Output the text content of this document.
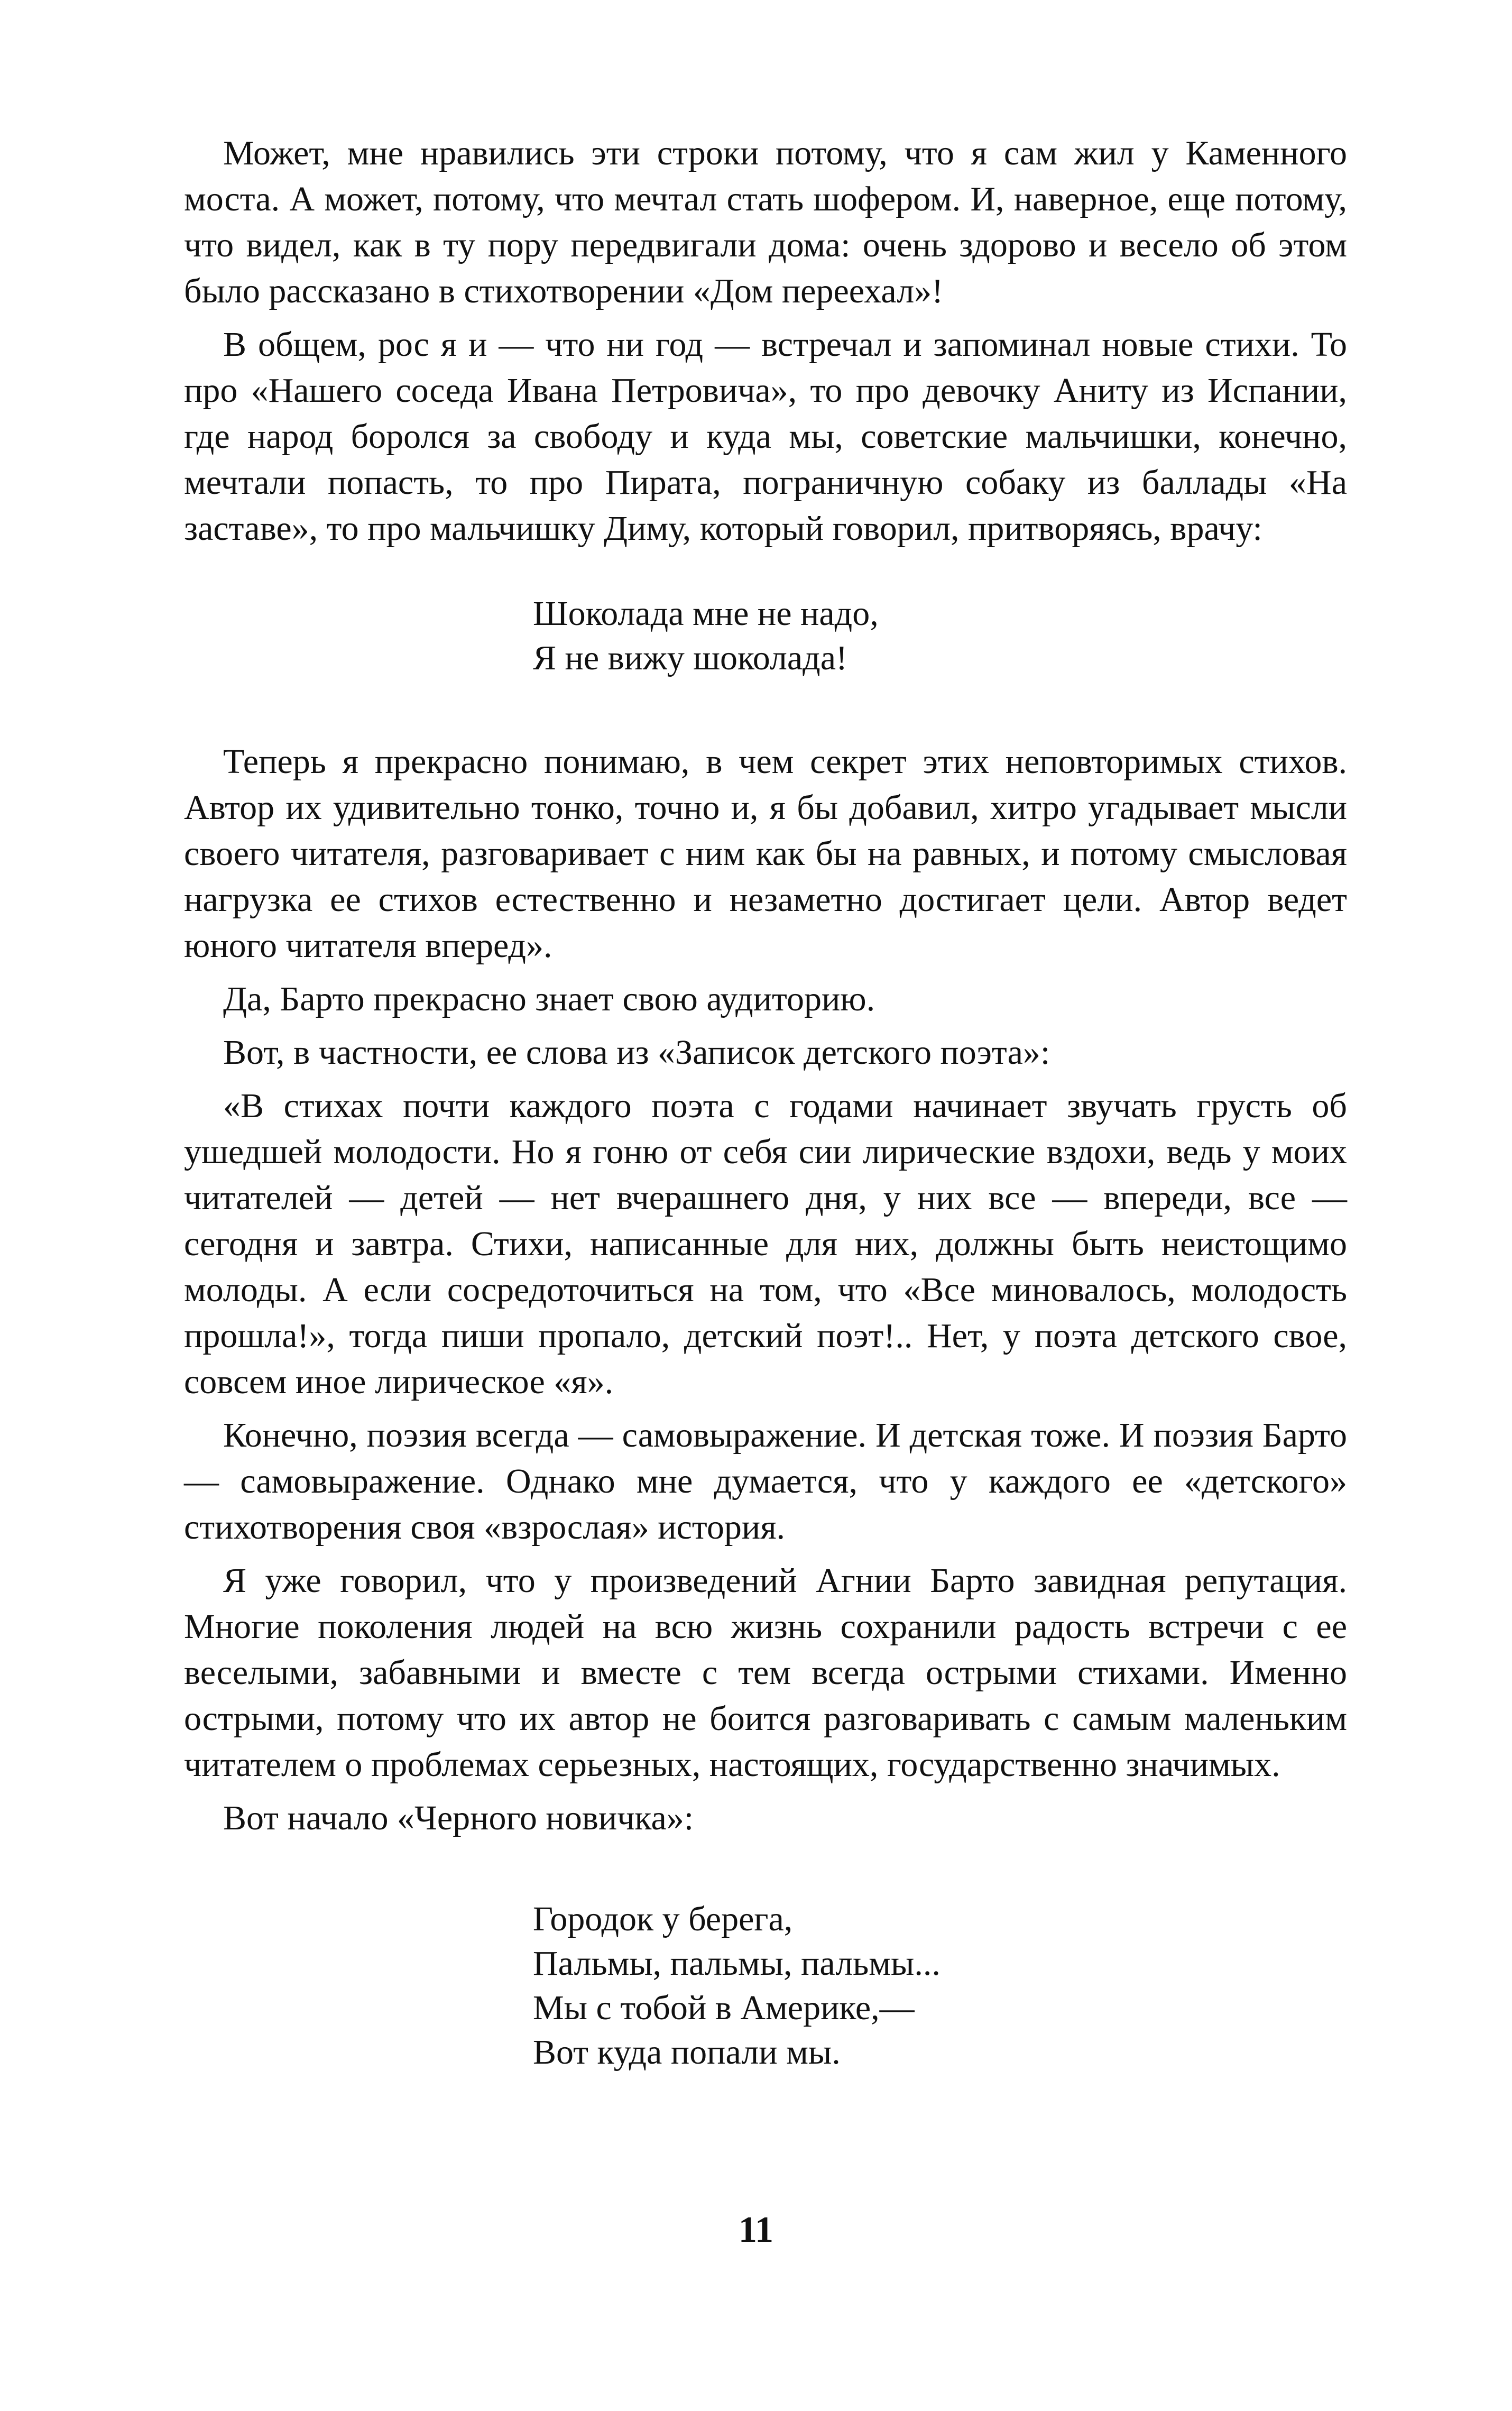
Может, мне нравились эти строки потому, что я сам жил у Каменного моста. А может, потому, что мечтал стать шофером. И, наверное, еще потому, что видел, как в ту пору передвигали дома: очень здорово и весело об этом было рассказано в стихотворении «Дом переехал»!

В общем, рос я и — что ни год — встречал и запоминал новые стихи. То про «Нашего соседа Ивана Петровича», то про девочку Аниту из Испании, где народ боролся за свободу и куда мы, советские мальчишки, конечно, мечтали попасть, то про Пирата, пограничную собаку из баллады «На заставе», то про мальчишку Диму, который говорил, притворяясь, врачу:

Шоколада мне не надо,
Я не вижу шоколада!

Теперь я прекрасно понимаю, в чем секрет этих неповторимых стихов. Автор их удивительно тонко, точно и, я бы добавил, хитро угадывает мысли своего читателя, разговаривает с ним как бы на равных, и потому смысловая нагрузка ее стихов естественно и незаметно достигает цели. Автор ведет юного читателя вперед».

Да, Барто прекрасно знает свою аудиторию.

Вот, в частности, ее слова из «Записок детского поэта»:

«В стихах почти каждого поэта с годами начинает звучать грусть об ушедшей молодости. Но я гоню от себя сии лирические вздохи, ведь у моих читателей — детей — нет вчерашнего дня, у них все — впереди, все — сегодня и завтра. Стихи, написанные для них, должны быть неистощимо молоды. А если сосредоточиться на том, что «Все миновалось, молодость прошла!», тогда пиши пропало, детский поэт!.. Нет, у поэта детского свое, совсем иное лирическое «я».

Конечно, поэзия всегда — самовыражение. И детская тоже. И поэзия Барто — самовыражение. Однако мне думается, что у каждого ее «детского» стихотворения своя «взрослая» история.

Я уже говорил, что у произведений Агнии Барто завидная репутация. Многие поколения людей на всю жизнь сохранили радость встречи с ее веселыми, забавными и вместе с тем всегда острыми стихами. Именно острыми, потому что их автор не боится разговаривать с самым маленьким читателем о проблемах серьезных, настоящих, государственно значимых.

Вот начало «Черного новичка»:

Городок у берега,
Пальмы, пальмы, пальмы...
Мы с тобой в Америке,—
Вот куда попали мы.

11
